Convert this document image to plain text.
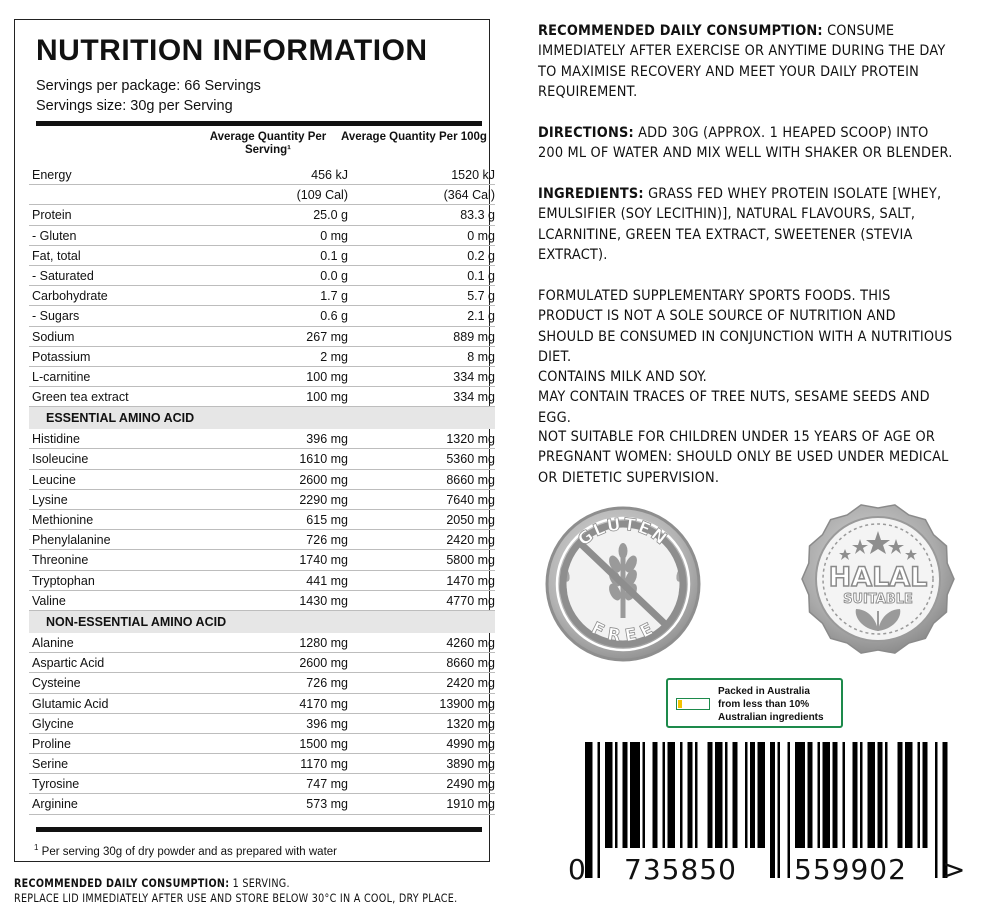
NUTRITION INFORMATION
Servings per package: 66 Servings
Servings size: 30g per Serving
Average Quantity Per Serving¹
Average Quantity Per 100g
Energy	456 kJ	1520 kJ
(109 Cal)	(364 Cal)
Protein	25.0 g	83.3 g
- Gluten	0 mg	0 mg
Fat, total	0.1 g	0.2 g
- Saturated	0.0 g	0.1 g
Carbohydrate	1.7 g	5.7 g
- Sugars	0.6 g	2.1 g
Sodium	267 mg	889 mg
Potassium	2 mg	8 mg
L-carnitine	100 mg	334 mg
Green tea extract	100 mg	334 mg
ESSENTIAL AMINO ACID
Histidine	396 mg	1320 mg
Isoleucine	1610 mg	5360 mg
Leucine	2600 mg	8660 mg
Lysine	2290 mg	7640 mg
Methionine	615 mg	2050 mg
Phenylalanine	726 mg	2420 mg
Threonine	1740 mg	5800 mg
Tryptophan	441 mg	1470 mg
Valine	1430 mg	4770 mg
NON-ESSENTIAL AMINO ACID
Alanine	1280 mg	4260 mg
Aspartic Acid	2600 mg	8660 mg
Cysteine	726 mg	2420 mg
Glutamic Acid	4170 mg	13900 mg
Glycine	396 mg	1320 mg
Proline	1500 mg	4990 mg
Serine	1170 mg	3890 mg
Tyrosine	747 mg	2490 mg
Arginine	573 mg	1910 mg
$^1$ Per serving 30g of dry powder and as prepared with water
RECOMMENDED DAILY CONSUMPTION: 1 SERVING.
REPLACE LID IMMEDIATELY AFTER USE AND STORE BELOW 30°C IN A COOL, DRY PLACE.
RECOMMENDED DAILY CONSUMPTION: CONSUME IMMEDIATELY AFTER EXERCISE OR ANYTIME DURING THE DAY TO MAXIMISE RECOVERY AND MEET YOUR DAILY PROTEIN REQUIREMENT.
DIRECTIONS: ADD 30G (APPROX. 1 HEAPED SCOOP) INTO 200 ML OF WATER AND MIX WELL WITH SHAKER OR BLENDER.
INGREDIENTS: GRASS FED WHEY PROTEIN ISOLATE [WHEY, EMULSIFIER (SOY LECITHIN)], NATURAL FLAVOURS, SALT, LCARNITINE, GREEN TEA EXTRACT, SWEETENER (STEVIA EXTRACT).
FORMULATED SUPPLEMENTARY SPORTS FOODS. THIS PRODUCT IS NOT A SOLE SOURCE OF NUTRITION AND SHOULD BE CONSUMED IN CONJUNCTION WITH A NUTRITIOUS DIET.
CONTAINS MILK AND SOY.
MAY CONTAIN TRACES OF TREE NUTS, SESAME SEEDS AND EGG.
NOT SUITABLE FOR CHILDREN UNDER 15 YEARS OF AGE OR PREGNANT WOMEN: SHOULD ONLY BE USED UNDER MEDICAL OR DIETETIC SUPERVISION.
GLUTEN
FREE
HALAL
SUITABLE
Packed in Australia
from less than 10%
Australian ingredients
0 735850 559902 >
